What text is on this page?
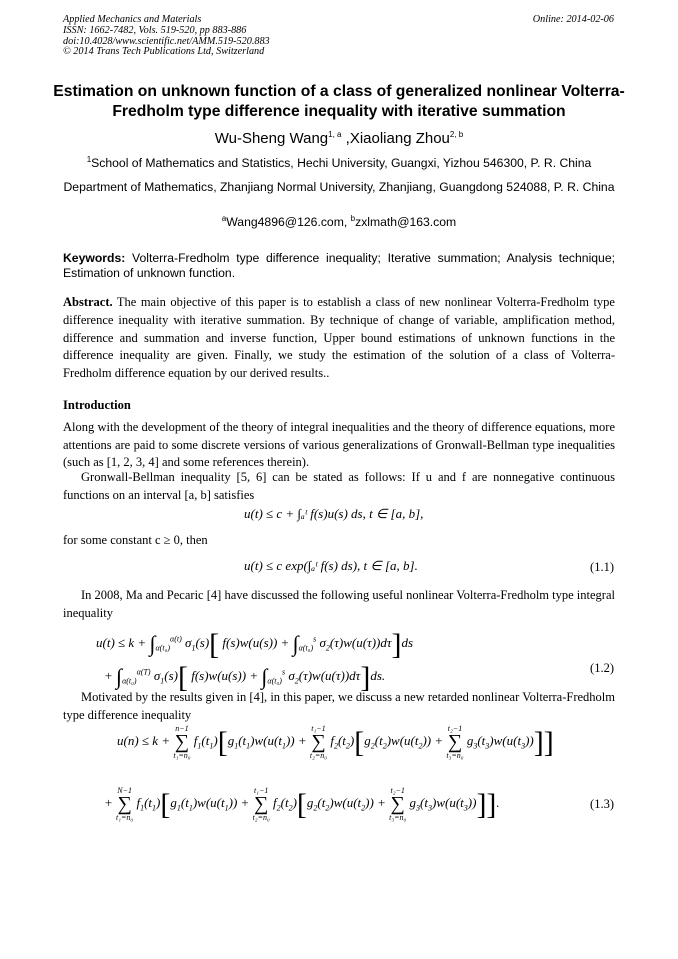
Applied Mechanics and Materials
ISSN: 1662-7482, Vols. 519-520, pp 883-886
doi:10.4028/www.scientific.net/AMM.519-520.883
© 2014 Trans Tech Publications Ltd, Switzerland
Online: 2014-02-06
Estimation on unknown function of a class of generalized nonlinear Volterra-Fredholm type difference inequality with iterative summation
Wu-Sheng Wang$^{1, a}$ ,Xiaoliang Zhou$^{2, b}$
$^1$School of Mathematics and Statistics, Hechi University, Guangxi, Yizhou 546300, P. R. China
Department of Mathematics, Zhanjiang Normal University, Zhanjiang, Guangdong 524088, P. R. China
$^a$Wang4896@126.com, $^b$zxlmath@163.com
Keywords: Volterra-Fredholm type difference inequality; Iterative summation; Analysis technique; Estimation of unknown function.
Abstract. The main objective of this paper is to establish a class of new nonlinear Volterra-Fredholm type difference inequality with iterative summation. By technique of change of variable, amplification method, difference and summation and inverse function, Upper bound estimations of unknown functions in the difference inequality are given. Finally, we study the estimation of the solution of a class of Volterra-Fredholm difference equation by our derived results..
Introduction
Along with the development of the theory of integral inequalities and the theory of difference equations, more attentions are paid to some discrete versions of various generalizations of Gronwall-Bellman type inequalities (such as [1, 2, 3, 4] and some references therein).
Gronwall-Bellman inequality [5, 6] can be stated as follows: If u and f are nonnegative continuous functions on an interval [a, b] satisfies
u(t) ≤ c + ∫ₐᵗ f(s)u(s) ds, t ∈ [a, b],
for some constant c ≥ 0, then
u(t) ≤ c exp(∫ₐᵗ f(s) ds), t ∈ [a, b].	(1.1)
In 2008, Ma and Pecaric [4] have discussed the following useful nonlinear Volterra-Fredholm type integral inequality
$u(t) \le k + \int_{\alpha(t_0)}^{\alpha(t)}$ $\sigma_1(s)$[ $f(s)w(u(s)) + \int_{\alpha(t_0)}^s$ $\sigma_2(\tau)w(u(\tau))d\tau]ds$
+ $\int_{\alpha(t_0)}^{\alpha(T)}$ $\sigma_1(s)$[ $f(s)w(u(s)) + \int_{\alpha(t_0)}^s$ $\sigma_2(\tau)w(u(\tau))d\tau]ds$.	(1.2)
Motivated by the results given in [4], in this paper, we discuss a new retarded nonlinear Volterra-Fredholm type difference inequality
u(n) ≤ k +
n−1
∑
t₁=n₀
$f_1(t_1)[g_1(t_1)w(u(t_1))$ +
t₁−1
∑
t₂=n₀
$f_2(t_2)[g_2(t_2)w(u(t_2))$ +
t₂−1
∑
t₃=n₀
$g_3(t_3)w(u(t_3))$]]
+
N−1
∑
t₁=n₀
$f_1(t_1)[g_1(t_1)w(u(t_1))$ +
t₁−1
∑
t₂=n₀
$f_2(t_2)[g_2(t_2)w(u(t_2))$ +
t₂−1
∑
t₃=n₀
$g_3(t_3)w(u(t_3))$]].	(1.3)
